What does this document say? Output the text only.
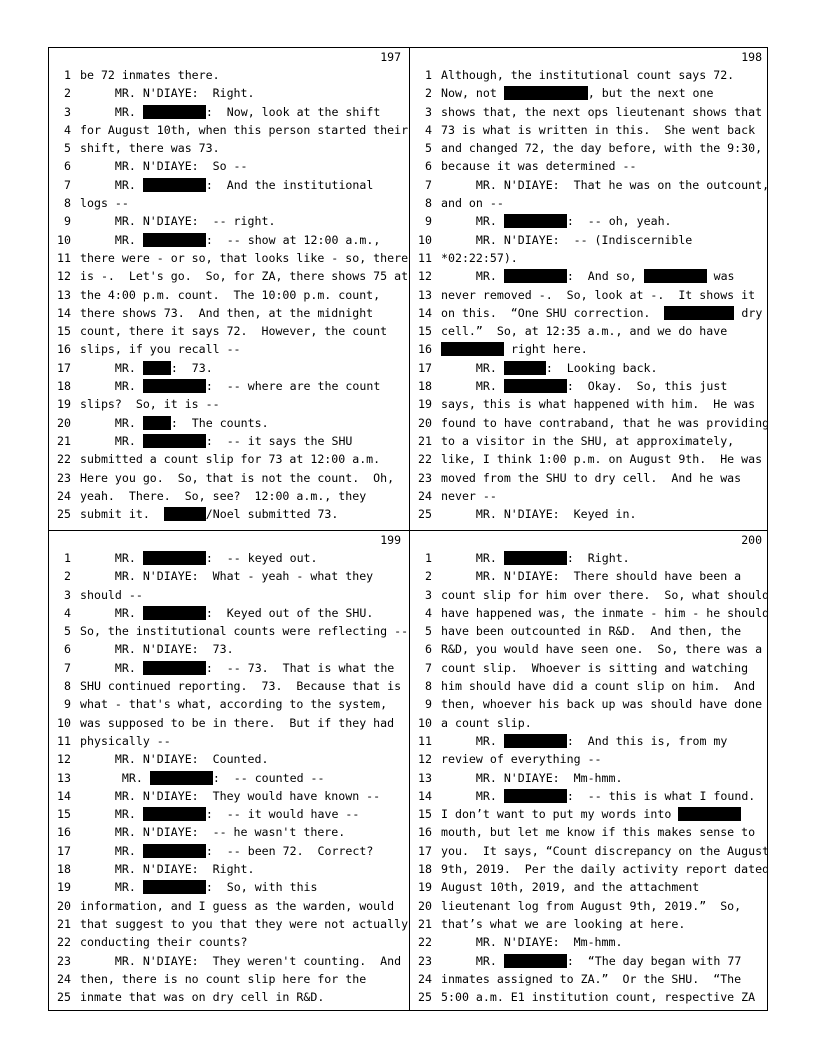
197
1 be 72 inmates there.
2 MR. N'DIAYE:  Right.
3 MR.	:  Now, look at the shift
4 for August 10th, when this person started their
5 shift, there was 73.
6 MR. N'DIAYE:  So --
7 MR.	:  And the institutional
8 logs --
9 MR. N'DIAYE:  -- right.
10 MR.	:  -- show at 12:00 a.m.,
11 there were - or so, that looks like - so, there
12 is -.  Let's go.  So, for ZA, there shows 75 at
13 the 4:00 p.m. count.  The 10:00 p.m. count,
14 there shows 73.  And then, at the midnight
15 count, there it says 72.  However, the count
16 slips, if you recall --
17 MR. :  73.
18 MR.	:  -- where are the count
19 slips?  So, it is --
20 MR. :  The counts.
21 MR.	:  -- it says the SHU
22 submitted a count slip for 73 at 12:00 a.m.
23 Here you go.  So, that is not the count.  Oh,
24 yeah.  There.  So, see?  12:00 a.m., they
25 submit it.	/Noel submitted 73.
198
1 Although, the institutional count says 72.
2 Now, not	, but the next one
3 shows that, the next ops lieutenant shows that
4 73 is what is written in this.  She went back
5 and changed 72, the day before, with the 9:30,
6 because it was determined --
7 MR. N'DIAYE:  That he was on the outcount,
8 and on --
9 MR.	:  -- oh, yeah.
10 MR. N'DIAYE:  -- (Indiscernible
11 *02:22:57).
12 MR.	:  And so,	was
13 never removed -.  So, look at -.  It shows it
14 on this.  “One SHU correction.	dry
15 cell.”  So, at 12:35 a.m., and we do have
16	right here.
17 MR.	:  Looking back.
18 MR.	:  Okay.  So, this just
19 says, this is what happened with him.  He was
20 found to have contraband, that he was providing
21 to a visitor in the SHU, at approximately,
22 like, I think 1:00 p.m. on August 9th.  He was
23 moved from the SHU to dry cell.  And he was
24 never --
25 MR. N'DIAYE:  Keyed in.
199
1 MR.	:  -- keyed out.
2 MR. N'DIAYE:  What - yeah - what they
3 should --
4 MR.	:  Keyed out of the SHU.
5 So, the institutional counts were reflecting --
6 MR. N'DIAYE:  73.
7 MR.	:  -- 73.  That is what the
8 SHU continued reporting.  73.  Because that is
9 what - that's what, according to the system,
10 was supposed to be in there.  But if they had
11 physically --
12 MR. N'DIAYE:  Counted.
13 MR.	:  -- counted --
14 MR. N'DIAYE:  They would have known --
15 MR.	:  -- it would have --
16 MR. N'DIAYE:  -- he wasn't there.
17 MR.	:  -- been 72.  Correct?
18 MR. N'DIAYE:  Right.
19 MR.	:  So, with this
20 information, and I guess as the warden, would
21 that suggest to you that they were not actually
22 conducting their counts?
23 MR. N'DIAYE:  They weren't counting.  And
24 then, there is no count slip here for the
25 inmate that was on dry cell in R&D.
200
1 MR.	:  Right.
2 MR. N'DIAYE:  There should have been a
3 count slip for him over there.  So, what should
4 have happened was, the inmate - him - he should
5 have been outcounted in R&D.  And then, the
6 R&D, you would have seen one.  So, there was a
7 count slip.  Whoever is sitting and watching
8 him should have did a count slip on him.  And
9 then, whoever his back up was should have done
10 a count slip.
11 MR.	:  And this is, from my
12 review of everything --
13 MR. N'DIAYE:  Mm-hmm.
14 MR.	:  -- this is what I found.
15 I don’t want to put my words into
16 mouth, but let me know if this makes sense to
17 you.  It says, “Count discrepancy on the August
18 9th, 2019.  Per the daily activity report dated
19 August 10th, 2019, and the attachment
20 lieutenant log from August 9th, 2019.”  So,
21 that’s what we are looking at here.
22 MR. N'DIAYE:  Mm-hmm.
23 MR.	:  “The day began with 77
24 inmates assigned to ZA.”  Or the SHU.  “The
25 5:00 a.m. E1 institution count, respective ZA
